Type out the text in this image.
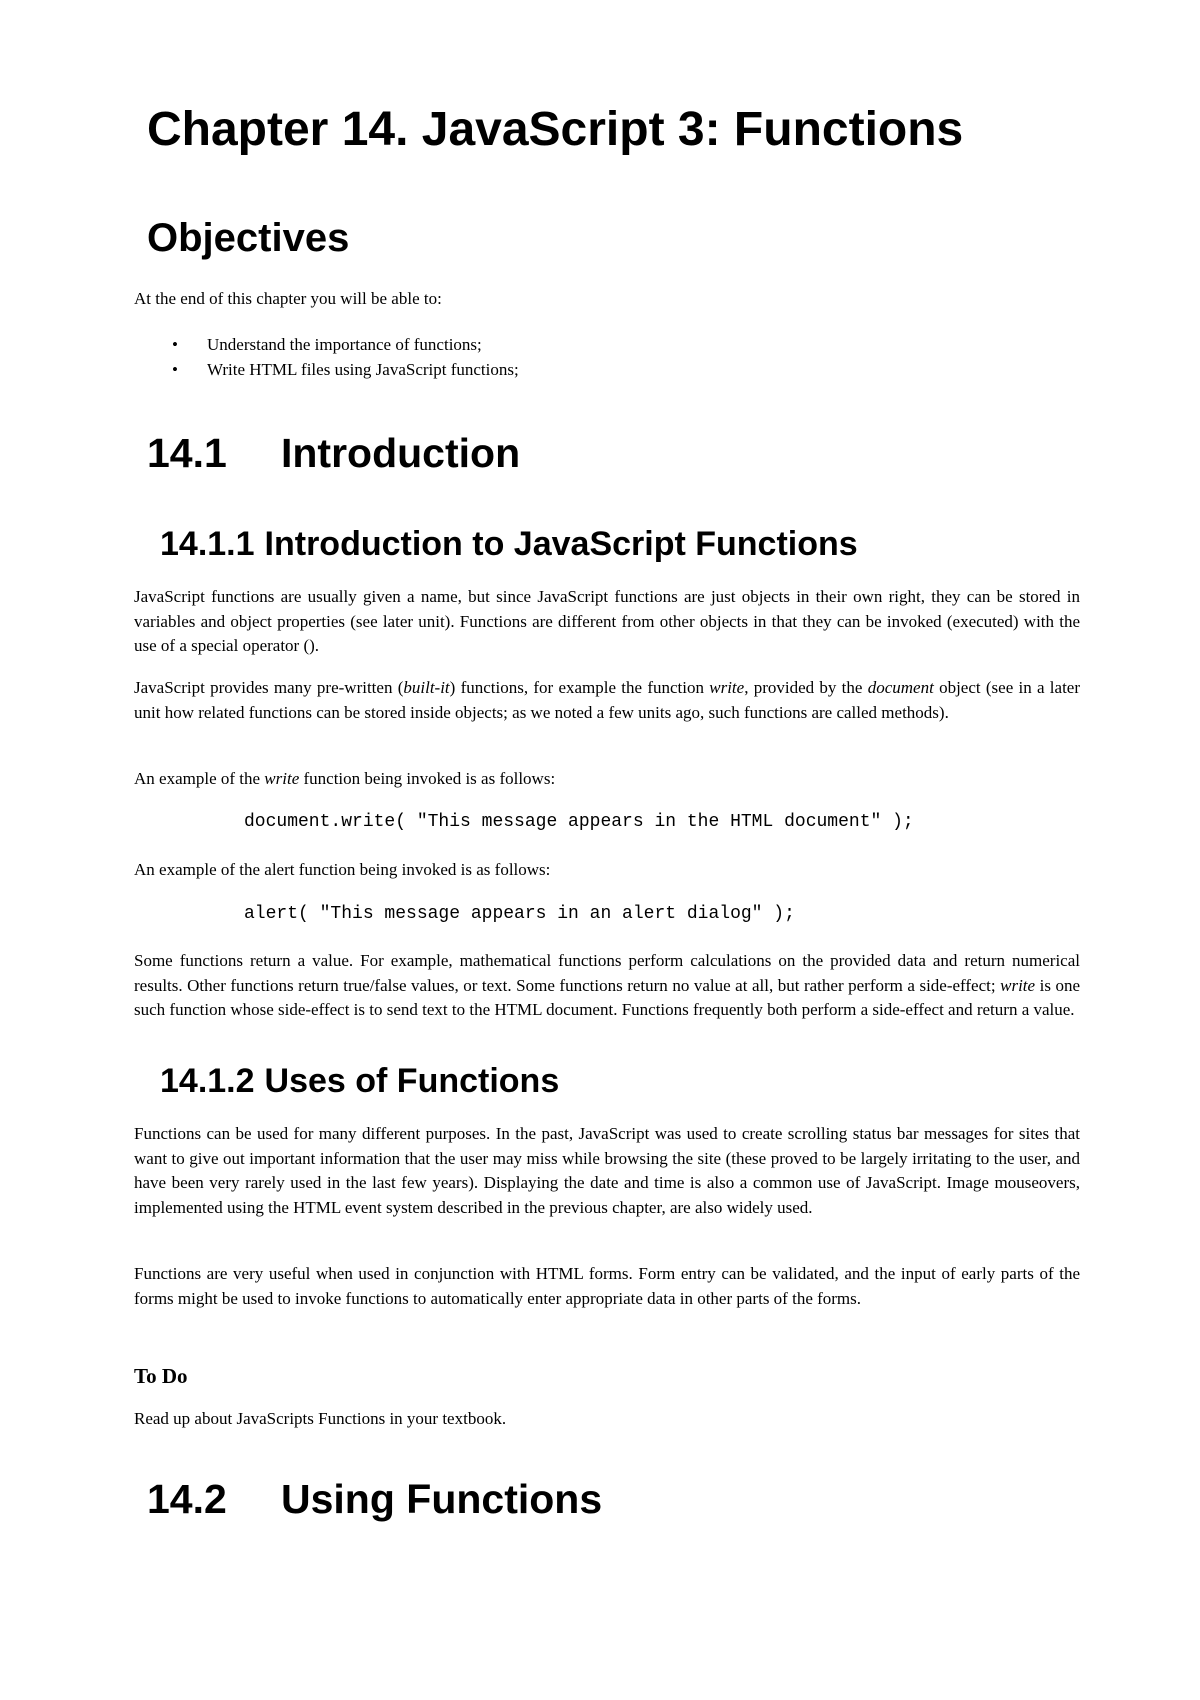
Chapter 14. JavaScript 3: Functions
Objectives

At the end of this chapter you will be able to:

• Understand the importance of functions;
• Write HTML files using JavaScript functions;
14.1 Introduction
14.1.1 Introduction to JavaScript Functions

JavaScript functions are usually given a name, but since JavaScript functions are just objects in their own right, they can be stored in variables and object properties (see later unit). Functions are different from other objects in that they can be invoked (executed) with the use of a special operator ().

JavaScript provides many pre-written (built-it) functions, for example the function write, provided by the document object (see in a later unit how related functions can be stored inside objects; as we noted a few units ago, such functions are called methods).

An example of the write function being invoked is as follows:

document.write( "This message appears in the HTML document" );

An example of the alert function being invoked is as follows:

alert( "This message appears in an alert dialog" );

Some functions return a value. For example, mathematical functions perform calculations on the provided data and return numerical results. Other functions return true/false values, or text. Some functions return no value at all, but rather perform a side-effect; write is one such function whose side-effect is to send text to the HTML document. Functions frequently both perform a side-effect and return a value.

14.1.2 Uses of Functions

Functions can be used for many different purposes. In the past, JavaScript was used to create scrolling status bar messages for sites that want to give out important information that the user may miss while browsing the site (these proved to be largely irritating to the user, and have been very rarely used in the last few years). Displaying the date and time is also a common use of JavaScript. Image mouseovers, implemented using the HTML event system described in the previous chapter, are also widely used.

Functions are very useful when used in conjunction with HTML forms. Form entry can be validated, and the input of early parts of the forms might be used to invoke functions to automatically enter appropriate data in other parts of the forms.

To Do

Read up about JavaScripts Functions in your textbook.

14.2 Using Functions
